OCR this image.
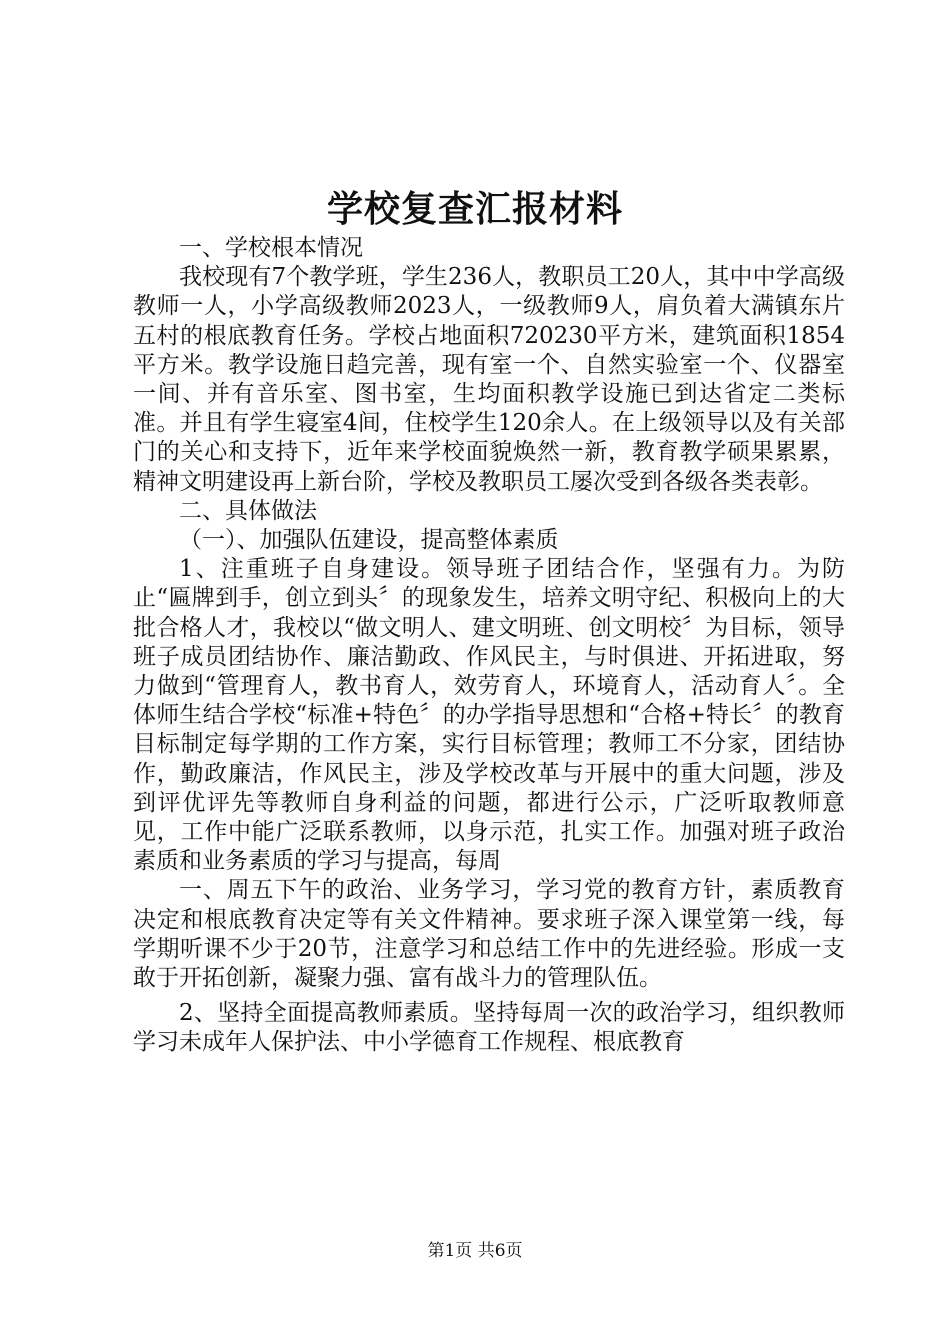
学校复查汇报材料

一、学校根本情况

我校现有7个教学班，学生236人，教职员工20人，其中中学高级教师一人，小学高级教师2023人，一级教师9人，肩负着大满镇东片五村的根底教育任务。学校占地面积720230平方米，建筑面积1854平方米。教学设施日趋完善，现有室一个、自然实验室一个、仪器室一间、并有音乐室、图书室，生均面积教学设施已到达省定二类标准。并且有学生寝室4间，住校学生120余人。在上级领导以及有关部门的关心和支持下，近年来学校面貌焕然一新，教育教学硕果累累，精神文明建设再上新台阶，学校及教职员工屡次受到各级各类表彰。

二、具体做法

（一）、加强队伍建设，提高整体素质

1、注重班子自身建设。领导班子团结合作，坚强有力。为防止“匾牌到手，创立到头〞的现象发生，培养文明守纪、积极向上的大批合格人才，我校以“做文明人、建文明班、创文明校〞为目标，领导班子成员团结协作、廉洁勤政、作风民主，与时俱进、开拓进取，努力做到“管理育人，教书育人，效劳育人，环境育人，活动育人〞。全体师生结合学校“标准+特色〞的办学指导思想和“合格+特长〞的教育目标制定每学期的工作方案，实行目标管理；教师工不分家，团结协作，勤政廉洁，作风民主，涉及学校改革与开展中的重大问题，涉及到评优评先等教师自身利益的问题，都进行公示，广泛听取教师意见，工作中能广泛联系教师，以身示范，扎实工作。加强对班子政治素质和业务素质的学习与提高，每周

一、周五下午的政治、业务学习，学习党的教育方针，素质教育决定和根底教育决定等有关文件精神。要求班子深入课堂第一线，每学期听课不少于20节，注意学习和总结工作中的先进经验。形成一支敢于开拓创新，凝聚力强、富有战斗力的管理队伍。

2、坚持全面提高教师素质。坚持每周一次的政治学习，组织教师学习未成年人保护法、中小学德育工作规程、根底教育

第1页 共6页
